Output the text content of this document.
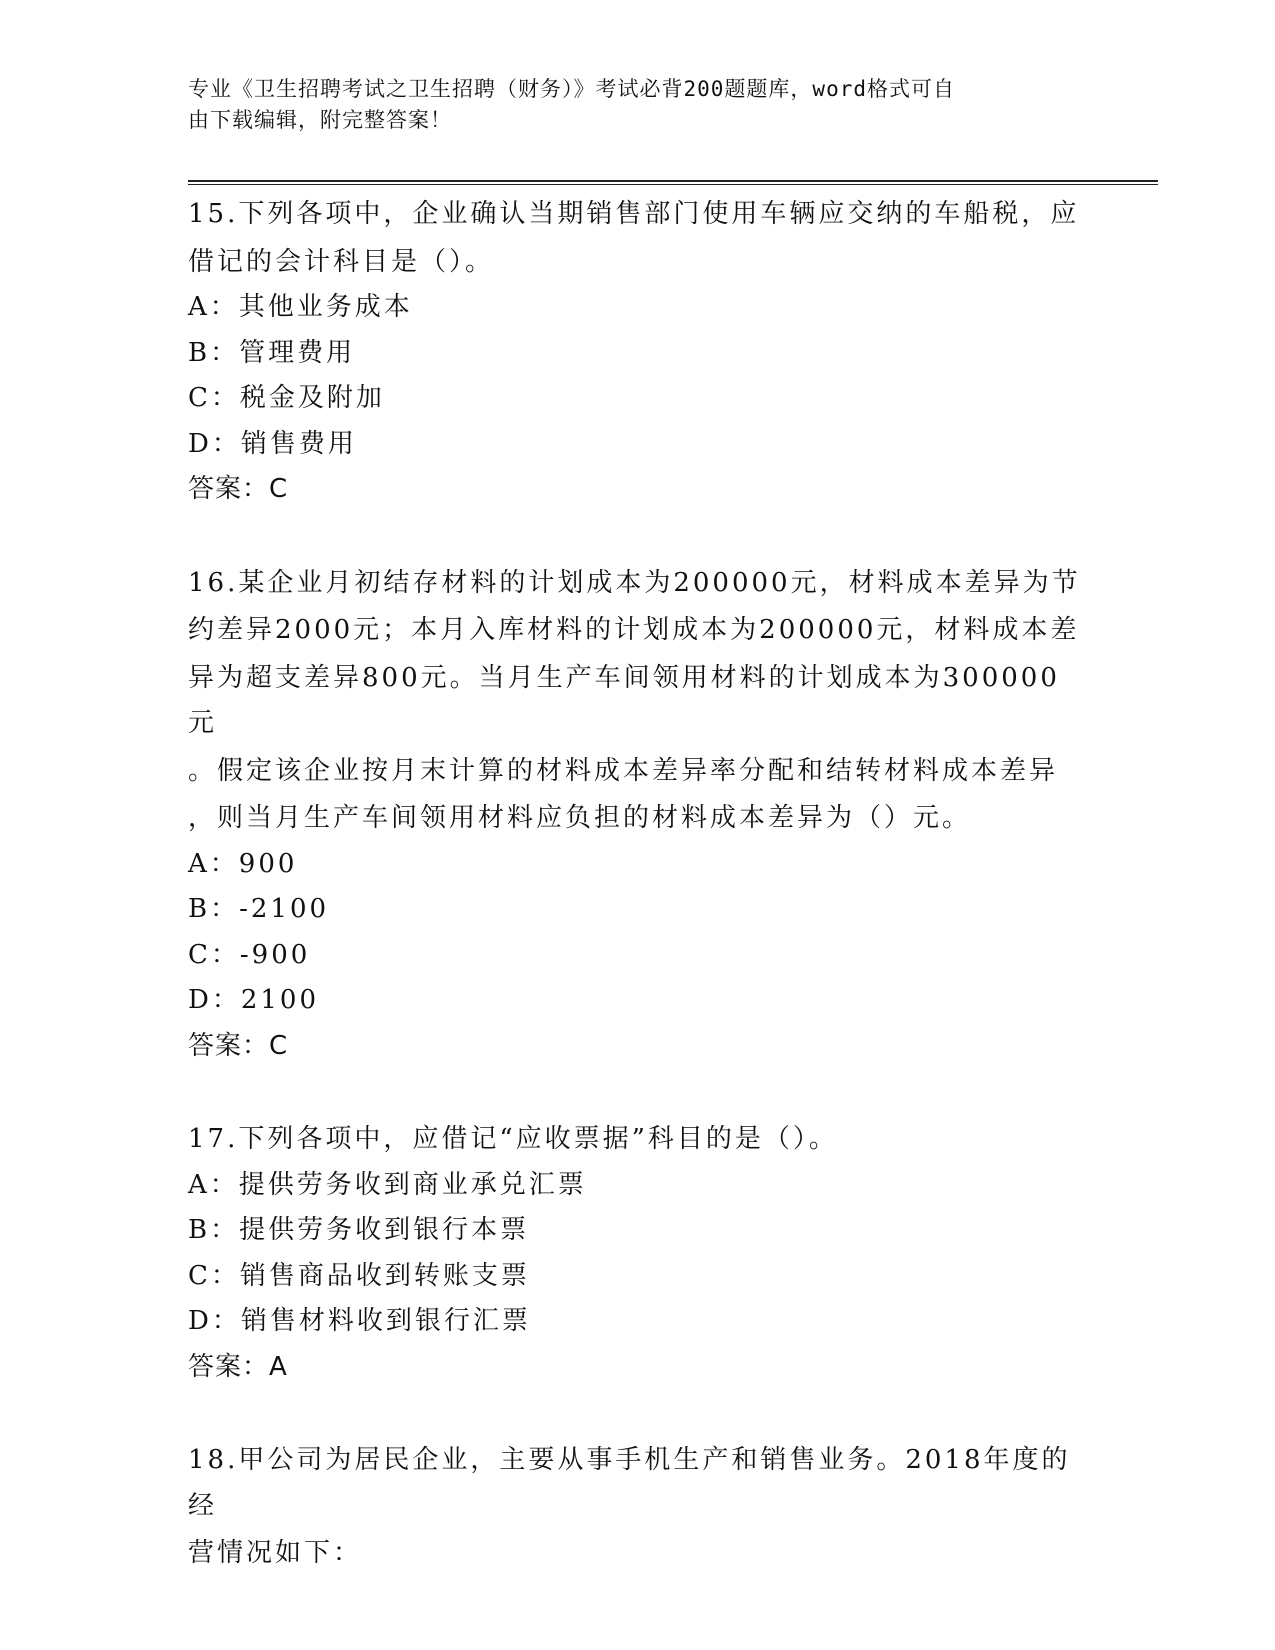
专业《卫生招聘考试之卫生招聘（财务）》考试必背200题题库，word格式可自
由下载编辑，附完整答案！

15.下列各项中，企业确认当期销售部门使用车辆应交纳的车船税，应

借记的会计科目是（）。

A：其他业务成本

B：管理费用

C：税金及附加

D：销售费用

答案：C

16.某企业月初结存材料的计划成本为200000元，材料成本差异为节

约差异2000元；本月入库材料的计划成本为200000元，材料成本差

异为超支差异800元。当月生产车间领用材料的计划成本为300000元

。假定该企业按月末计算的材料成本差异率分配和结转材料成本差异

，则当月生产车间领用材料应负担的材料成本差异为（）元。

A：900

B：-2100

C：-900

D：2100

答案：C

17.下列各项中，应借记“应收票据”科目的是（）。

A：提供劳务收到商业承兑汇票

B：提供劳务收到银行本票

C：销售商品收到转账支票

D：销售材料收到银行汇票

答案：A

18.甲公司为居民企业，主要从事手机生产和销售业务。2018年度的经

营情况如下：
